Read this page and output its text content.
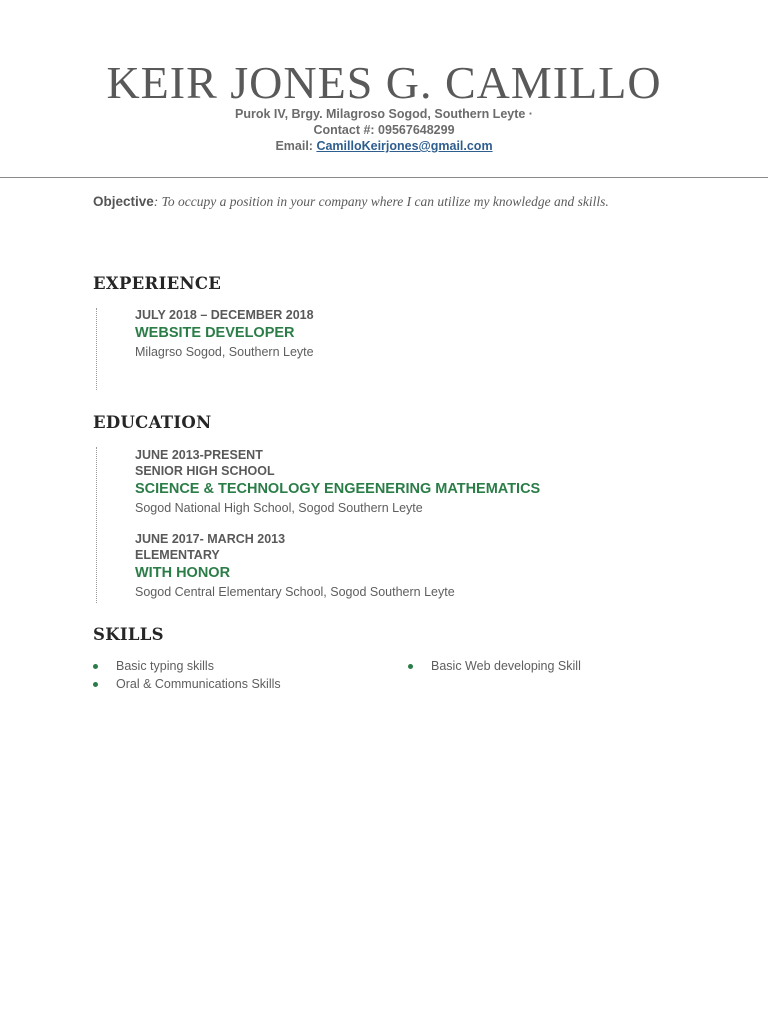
KEIR JONES G. CAMILLO
Purok IV, Brgy. Milagroso Sogod, Southern Leyte ·
Contact #: 09567648299
Email: CamilloKeirjones@gmail.com
Objective: To occupy a position in your company where I can utilize my knowledge and skills.
EXPERIENCE
JULY 2018 – DECEMBER 2018
WEBSITE DEVELOPER
Milagrso Sogod, Southern Leyte
EDUCATION
JUNE 2013-PRESENT
SENIOR HIGH SCHOOL
SCIENCE & TECHNOLOGY ENGEENERING MATHEMATICS
Sogod National High School, Sogod Southern Leyte
JUNE 2017- MARCH 2013
ELEMENTARY
WITH HONOR
Sogod Central Elementary School, Sogod Southern Leyte
SKILLS
Basic typing skills	Basic Web developing Skill
Oral & Communications Skills
